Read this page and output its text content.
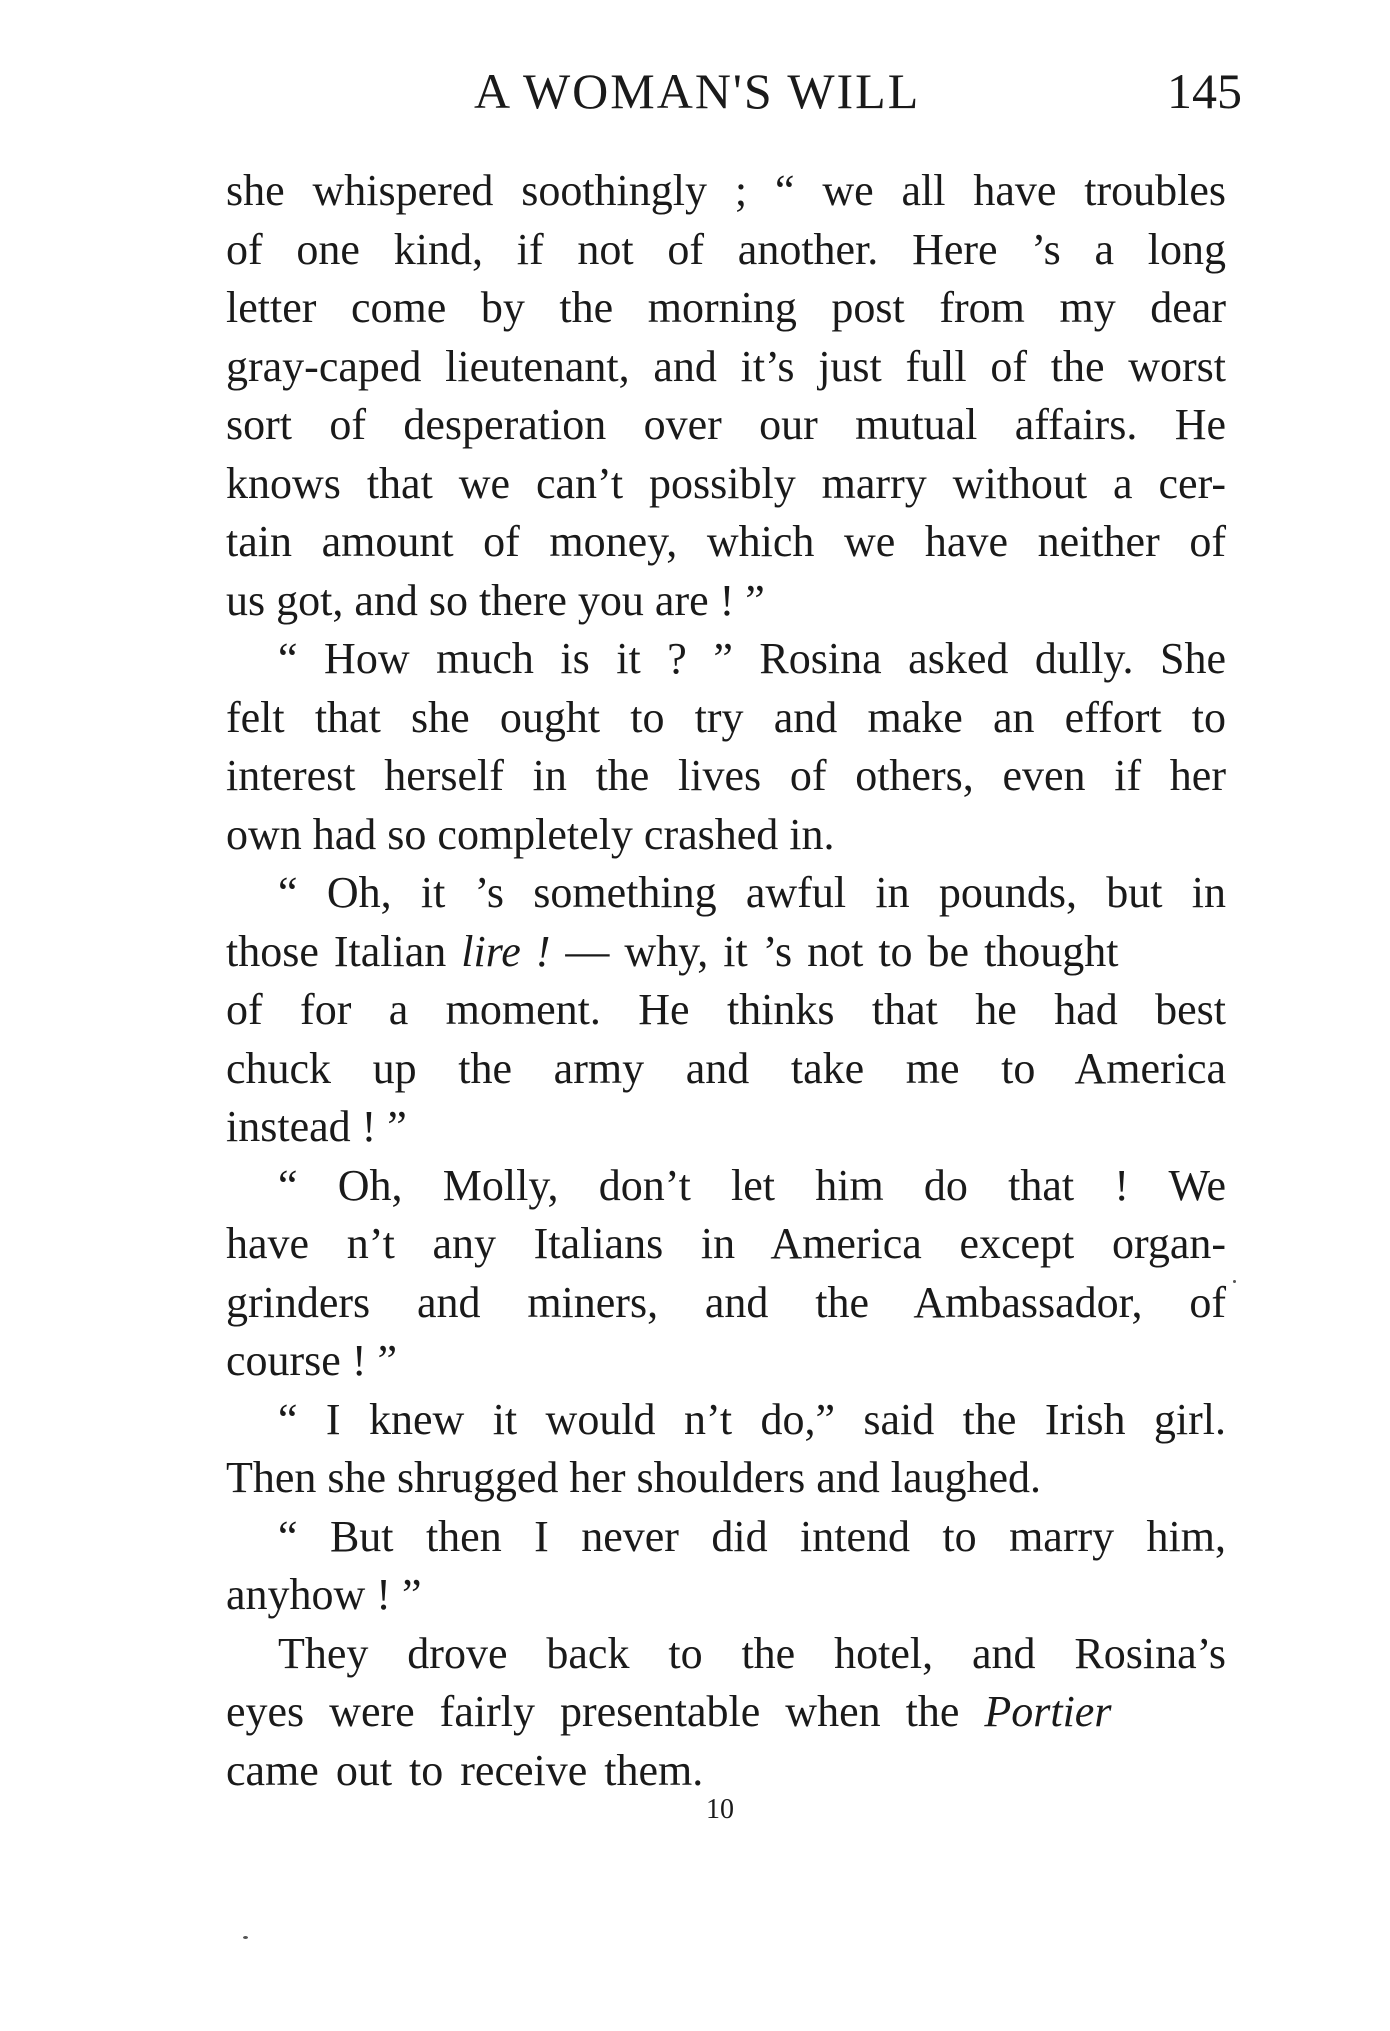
A WOMAN'S WILL	145
she whispered soothingly ; “ we all have troubles
of one kind, if not of another. Here ’s a long
letter come by the morning post from my dear
gray-caped lieutenant, and it’s just full of the worst
sort of desperation over our mutual affairs. He
knows that we can’t possibly marry without a cer-
tain amount of money, which we have neither of
us got, and so there you are ! ”
“ How much is it ? ” Rosina asked dully. She
felt that she ought to try and make an effort to
interest herself in the lives of others, even if her
own had so completely crashed in.
“ Oh, it ’s something awful in pounds, but in
those Italian lire ! — why, it ’s not to be thought
of for a moment. He thinks that he had best
chuck up the army and take me to America
instead ! ”
“ Oh, Molly, don’t let him do that ! We
have n’t any Italians in America except organ-
grinders and miners, and the Ambassador, of
course ! ”
“ I knew it would n’t do,” said the Irish girl.
Then she shrugged her shoulders and laughed.
“ But then I never did intend to marry him,
anyhow ! ”
They drove back to the hotel, and Rosina’s
eyes were fairly presentable when the Portier
came out to receive them.
10
